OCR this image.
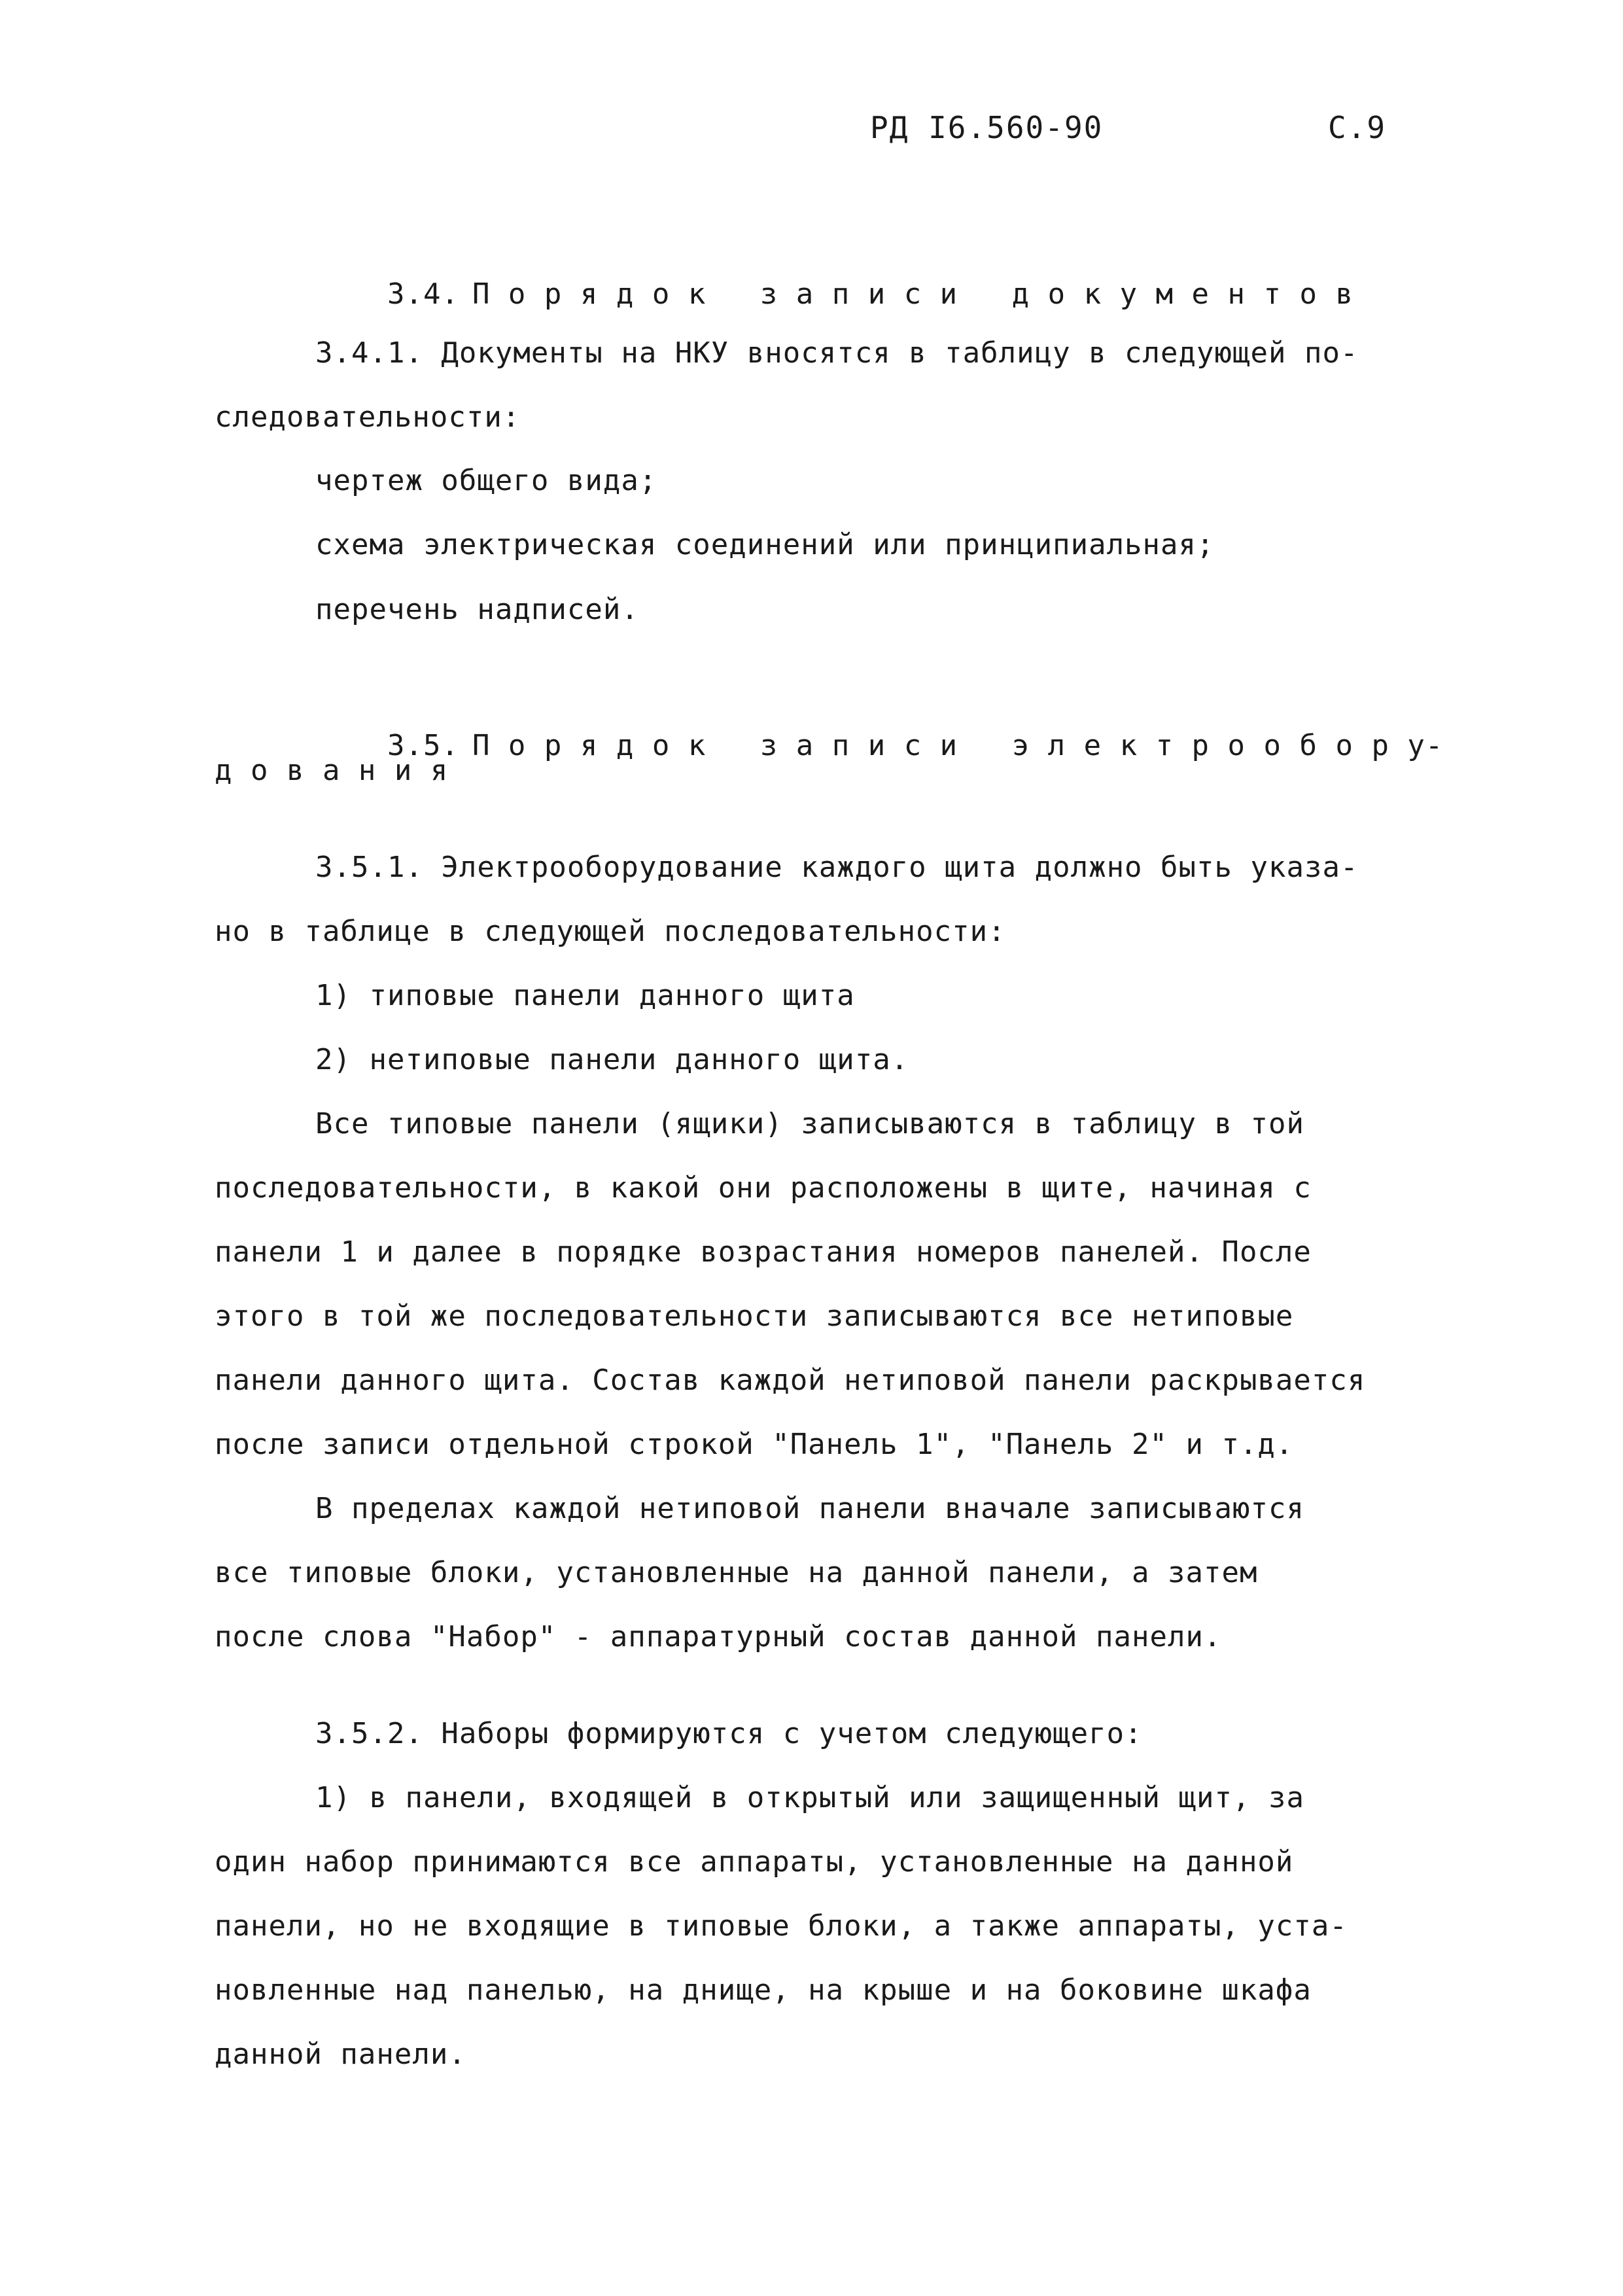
РД I6.560-90	С.9

3.4. П о р я д о к   з а п и с и   д о к у м е н т о в

3.4.1. Документы на НКУ вносятся в таблицу в следующей по-
следовательности:
чертеж общего вида;
схема электрическая соединений или принципиальная;
перечень надписей.

3.5. П о р я д о к   з а п и с и   э л е к т р о о б о р у-

д о в а н и я
3.5.1. Электрооборудование каждого щита должно быть указа-
но в таблице в следующей последовательности:
1) типовые панели данного щита
2) нетиповые панели данного щита.
Все типовые панели (ящики) записываются в таблицу в той
последовательности, в какой они расположены в щите, начиная с
панели 1 и далее в порядке возрастания номеров панелей. После
этого в той же последовательности записываются все нетиповые
панели данного щита. Состав каждой нетиповой панели раскрывается
после записи отдельной строкой "Панель 1", "Панель 2" и т.д.
В пределах каждой нетиповой панели вначале записываются
все типовые блоки, установленные на данной панели, а затем
после слова "Набор" - аппаратурный состав данной панели.
3.5.2. Наборы формируются с учетом следующего:
1) в панели, входящей в открытый или защищенный щит, за
один набор принимаются все аппараты, установленные на данной
панели, но не входящие в типовые блоки, а также аппараты, уста-
новленные над панелью, на днище, на крыше и на боковине шкафа
данной панели.
